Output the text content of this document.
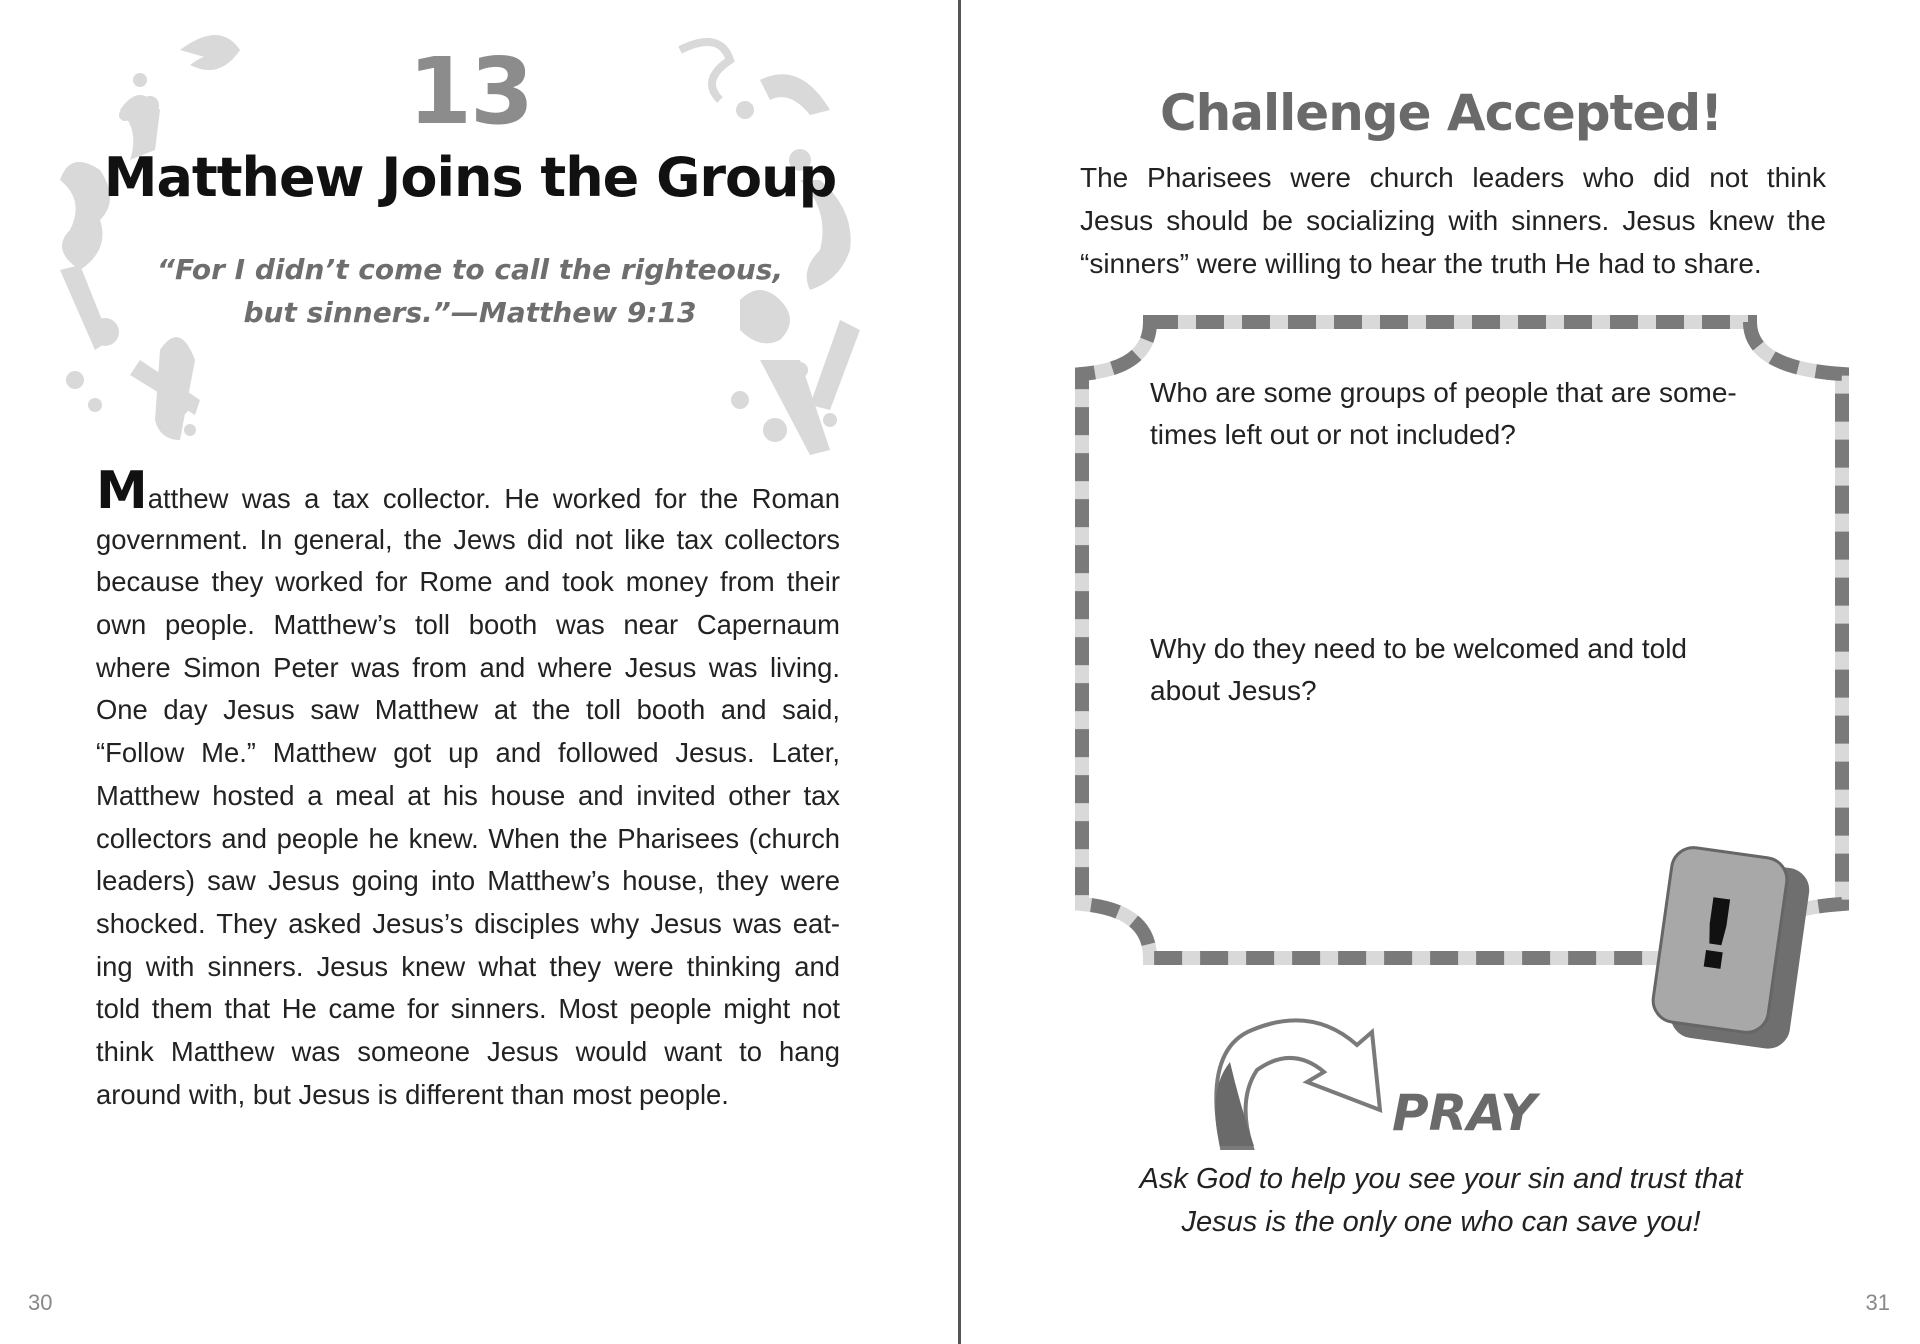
13
Matthew Joins the Group
“For I didn’t come to call the righteous,
but sinners.”—Matthew 9:13
Matthew was a tax collector. He worked for the Roman
government. In general, the Jews did not like tax collectors
because they worked for Rome and took money from their
own people. Matthew’s toll booth was near Capernaum
where Simon Peter was from and where Jesus was living.
One day Jesus saw Matthew at the toll booth and said,
“Follow Me.” Matthew got up and followed Jesus. Later,
Matthew hosted a meal at his house and invited other tax
collectors and people he knew. When the Pharisees (church
leaders) saw Jesus going into Matthew’s house, they were
shocked. They asked Jesus’s disciples why Jesus was eat-
ing with sinners. Jesus knew what they were thinking and
told them that He came for sinners. Most people might not
think Matthew was someone Jesus would want to hang
around with, but Jesus is different than most people.
30
Challenge Accepted!
The Pharisees were church leaders who did not think
Jesus should be socializing with sinners. Jesus knew the
“sinners” were willing to hear the truth He had to share.
!
Who are some groups of people that are some-
times left out or not included?
Why do they need to be welcomed and told
about Jesus?
PRAY
Ask God to help you see your sin and trust that
Jesus is the only one who can save you!
31
